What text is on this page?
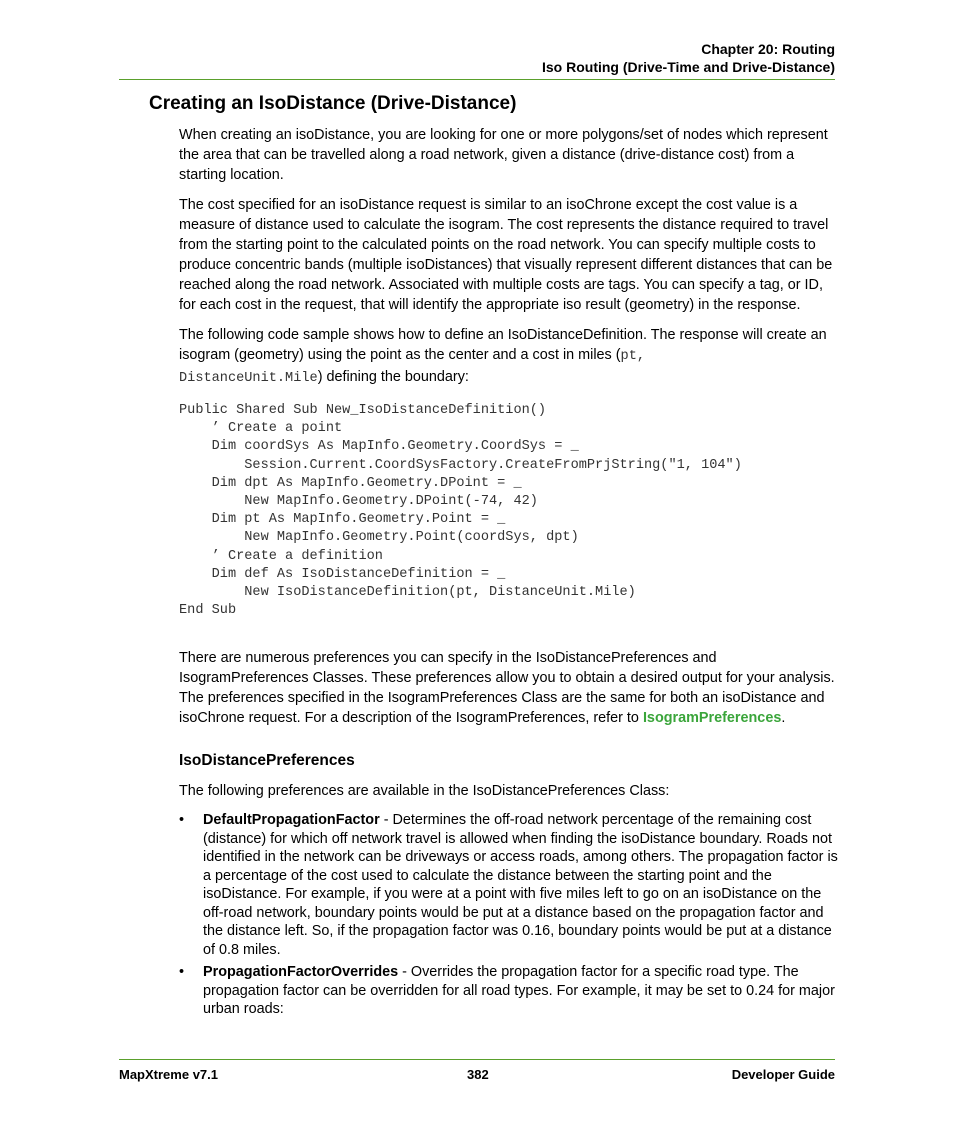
Chapter 20: Routing
Iso Routing (Drive-Time and Drive-Distance)
Creating an IsoDistance (Drive-Distance)

When creating an isoDistance, you are looking for one or more polygons/set of nodes which represent the area that can be travelled along a road network, given a distance (drive-distance cost) from a starting location.

The cost specified for an isoDistance request is similar to an isoChrone except the cost value is a measure of distance used to calculate the isogram. The cost represents the distance required to travel from the starting point to the calculated points on the road network. You can specify multiple costs to produce concentric bands (multiple isoDistances) that visually represent different distances that can be reached along the road network. Associated with multiple costs are tags. You can specify a tag, or ID, for each cost in the request, that will identify the appropriate iso result (geometry) in the response.

The following code sample shows how to define an IsoDistanceDefinition. The response will create an isogram (geometry) using the point as the center and a cost in miles (pt,
DistanceUnit.Mile) defining the boundary:

Public Shared Sub New_IsoDistanceDefinition()
’ Create a point
Dim coordSys As MapInfo.Geometry.CoordSys = _
Session.Current.CoordSysFactory.CreateFromPrjString("1, 104")
Dim dpt As MapInfo.Geometry.DPoint = _
New MapInfo.Geometry.DPoint(-74, 42)
Dim pt As MapInfo.Geometry.Point = _
New MapInfo.Geometry.Point(coordSys, dpt)
’ Create a definition
Dim def As IsoDistanceDefinition = _
New IsoDistanceDefinition(pt, DistanceUnit.Mile)
End Sub

There are numerous preferences you can specify in the IsoDistancePreferences and IsogramPreferences Classes. These preferences allow you to obtain a desired output for your analysis. The preferences specified in the IsogramPreferences Class are the same for both an isoDistance and isoChrone request. For a description of the IsogramPreferences, refer to IsogramPreferences.

IsoDistancePreferences

The following preferences are available in the IsoDistancePreferences Class:

• DefaultPropagationFactor - Determines the off-road network percentage of the remaining cost (distance) for which off network travel is allowed when finding the isoDistance boundary. Roads not identified in the network can be driveways or access roads, among others. The propagation factor is a percentage of the cost used to calculate the distance between the starting point and the isoDistance. For example, if you were at a point with five miles left to go on an isoDistance on the off-road network, boundary points would be put at a distance based on the propagation factor and the distance left. So, if the propagation factor was 0.16, boundary points would be put at a distance of 0.8 miles.
• PropagationFactorOverrides - Overrides the propagation factor for a specific road type. The propagation factor can be overridden for all road types. For example, it may be set to 0.24 for major urban roads:
MapXtreme v7.1	382	Developer Guide
